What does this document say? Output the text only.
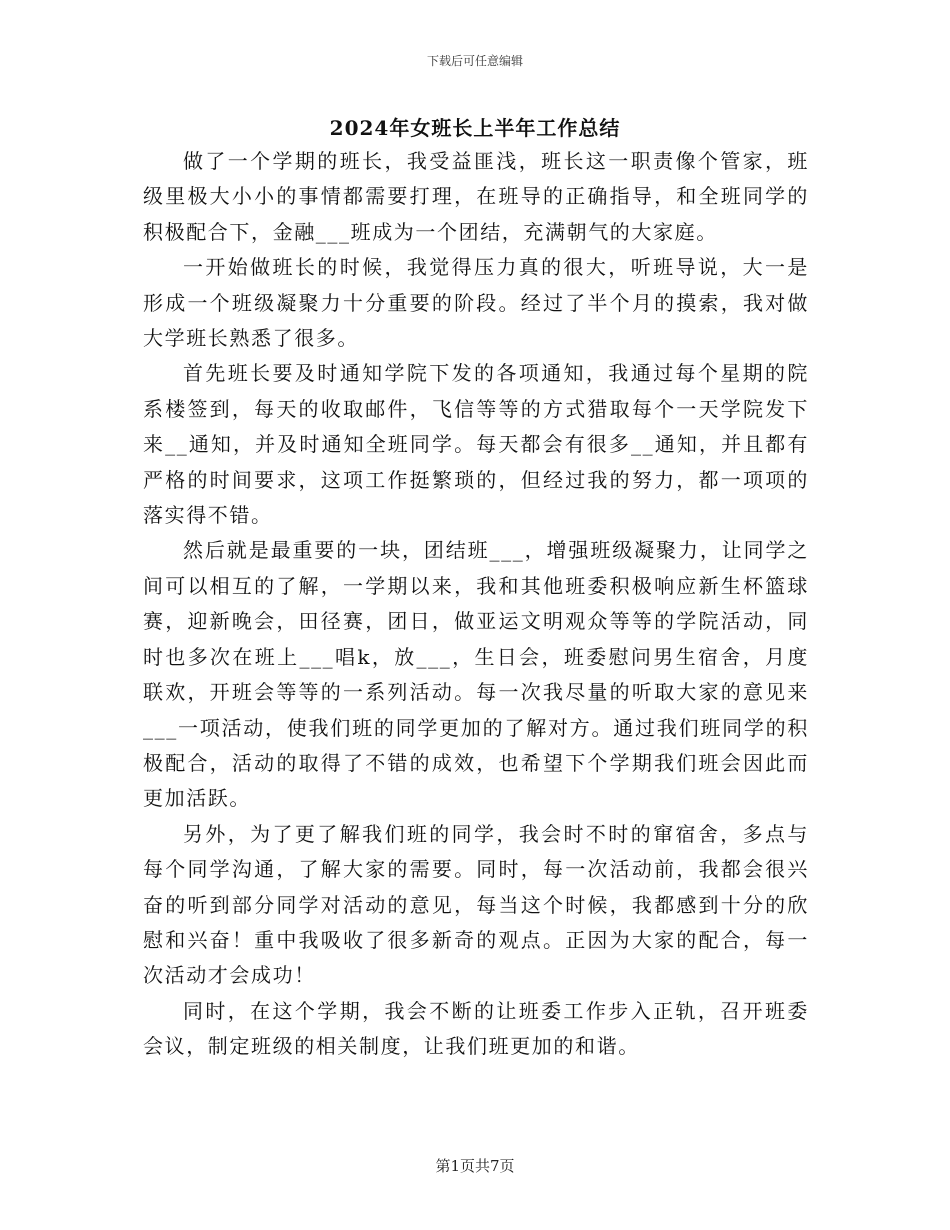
下载后可任意编辑
2024年女班长上半年工作总结

做了一个学期的班长，我受益匪浅，班长这一职责像个管家，班级里极大小小的事情都需要打理，在班导的正确指导，和全班同学的积极配合下，金融___班成为一个团结，充满朝气的大家庭。

一开始做班长的时候，我觉得压力真的很大，听班导说，大一是形成一个班级凝聚力十分重要的阶段。经过了半个月的摸索，我对做大学班长熟悉了很多。

首先班长要及时通知学院下发的各项通知，我通过每个星期的院系楼签到，每天的收取邮件，飞信等等的方式猎取每个一天学院发下来__通知，并及时通知全班同学。每天都会有很多__通知，并且都有严格的时间要求，这项工作挺繁琐的，但经过我的努力，都一项项的落实得不错。

然后就是最重要的一块，团结班___，增强班级凝聚力，让同学之间可以相互的了解，一学期以来，我和其他班委积极响应新生杯篮球赛，迎新晚会，田径赛，团日，做亚运文明观众等等的学院活动，同时也多次在班上___唱k，放___，生日会，班委慰问男生宿舍，月度联欢，开班会等等的一系列活动。每一次我尽量的听取大家的意见来___一项活动，使我们班的同学更加的了解对方。通过我们班同学的积极配合，活动的取得了不错的成效，也希望下个学期我们班会因此而更加活跃。

另外，为了更了解我们班的同学，我会时不时的窜宿舍，多点与每个同学沟通，了解大家的需要。同时，每一次活动前，我都会很兴奋的听到部分同学对活动的意见，每当这个时候，我都感到十分的欣慰和兴奋！重中我吸收了很多新奇的观点。正因为大家的配合，每一次活动才会成功！

同时，在这个学期，我会不断的让班委工作步入正轨，召开班委会议，制定班级的相关制度，让我们班更加的和谐。

第1页共7页
